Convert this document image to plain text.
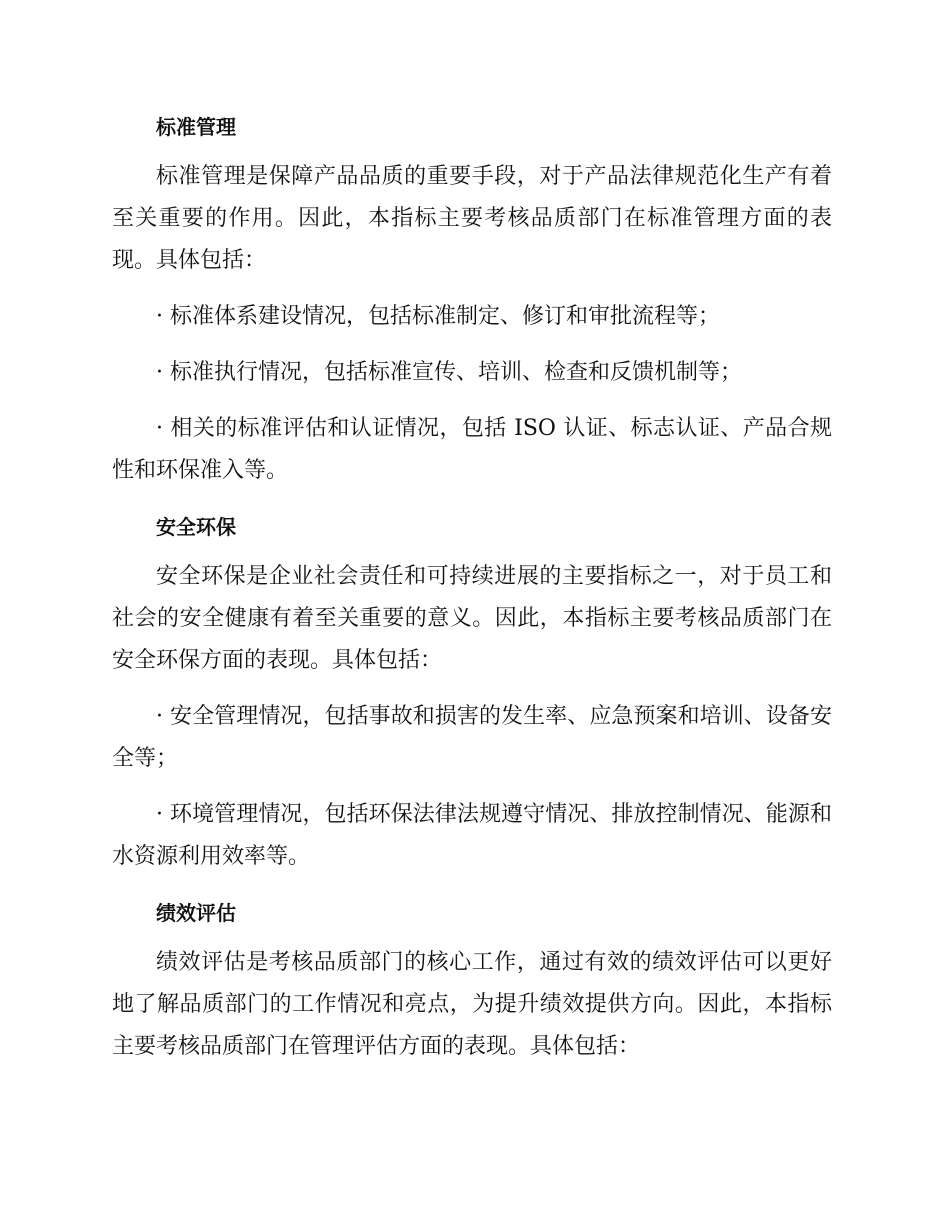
标准管理

标准管理是保障产品品质的重要手段，对于产品法律规范化生产有着至关重要的作用。因此，本指标主要考核品质部门在标准管理方面的表现。具体包括：

· 标准体系建设情况，包括标准制定、修订和审批流程等；

· 标准执行情况，包括标准宣传、培训、检查和反馈机制等；

· 相关的标准评估和认证情况，包括 ISO 认证、标志认证、产品合规性和环保准入等。

安全环保

安全环保是企业社会责任和可持续进展的主要指标之一，对于员工和社会的安全健康有着至关重要的意义。因此，本指标主要考核品质部门在安全环保方面的表现。具体包括：

· 安全管理情况，包括事故和损害的发生率、应急预案和培训、设备安全等；

· 环境管理情况，包括环保法律法规遵守情况、排放控制情况、能源和水资源利用效率等。

绩效评估

绩效评估是考核品质部门的核心工作，通过有效的绩效评估可以更好地了解品质部门的工作情况和亮点，为提升绩效提供方向。因此，本指标主要考核品质部门在管理评估方面的表现。具体包括：
